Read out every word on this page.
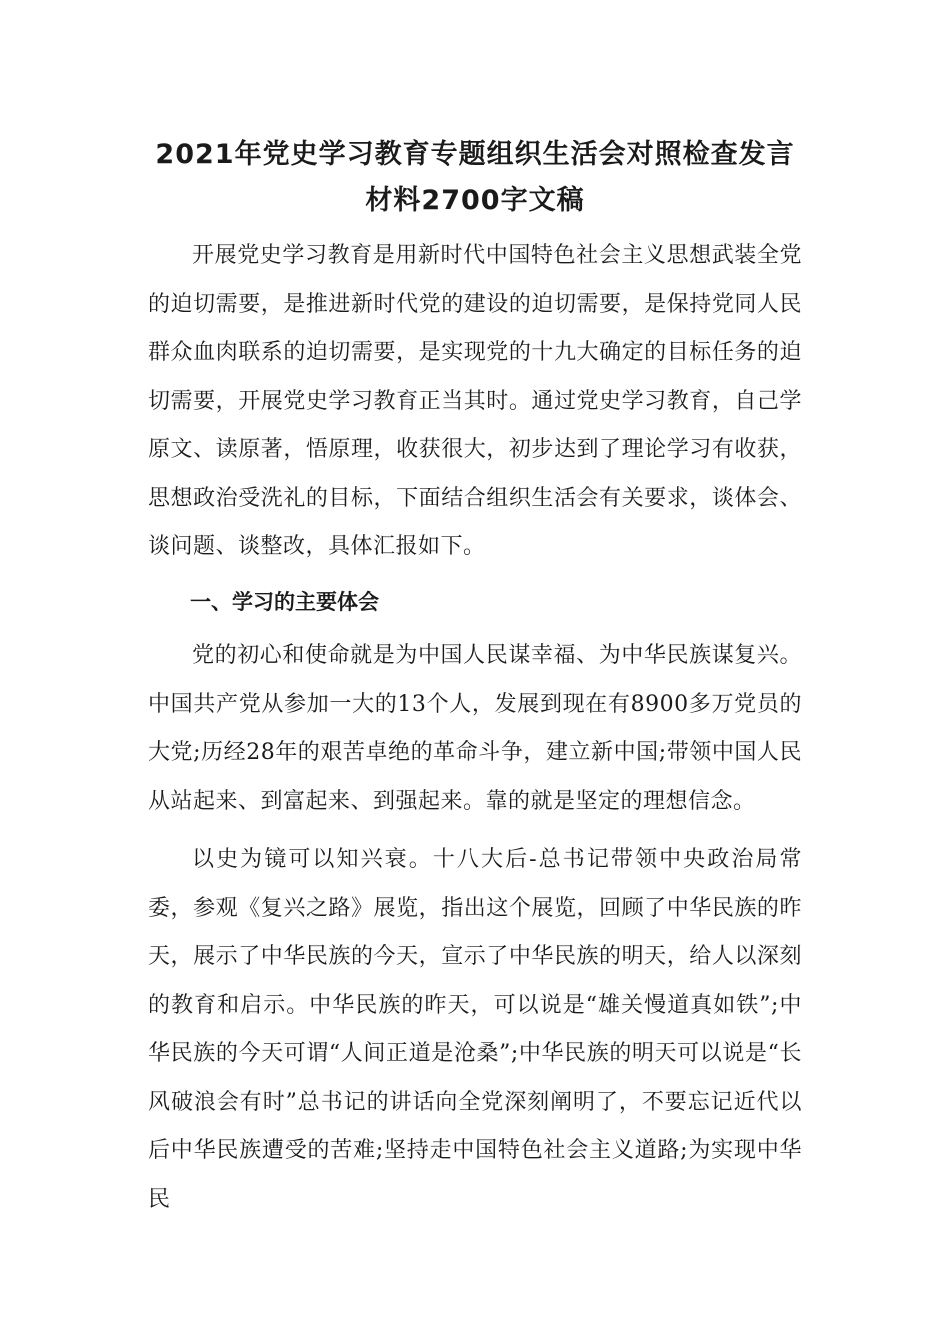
2021年党史学习教育专题组织生活会对照检查发言
材料2700字文稿

开展党史学习教育是用新时代中国特色社会主义思想武装全党的迫切需要，是推进新时代党的建设的迫切需要，是保持党同人民群众血肉联系的迫切需要，是实现党的十九大确定的目标任务的迫切需要，开展党史学习教育正当其时。通过党史学习教育，自己学原文、读原著，悟原理，收获很大，初步达到了理论学习有收获，思想政治受洗礼的目标，下面结合组织生活会有关要求，谈体会、谈问题、谈整改，具体汇报如下。

一、学习的主要体会

党的初心和使命就是为中国人民谋幸福、为中华民族谋复兴。中国共产党从参加一大的13个人，发展到现在有8900多万党员的大党;历经28年的艰苦卓绝的革命斗争，建立新中国;带领中国人民从站起来、到富起来、到强起来。靠的就是坚定的理想信念。

以史为镜可以知兴衰。十八大后-总书记带领中央政治局常委，参观《复兴之路》展览，指出这个展览，回顾了中华民族的昨天，展示了中华民族的今天，宣示了中华民族的明天，给人以深刻的教育和启示。中华民族的昨天，可以说是“雄关慢道真如铁”;中华民族的今天可谓“人间正道是沧桑”;中华民族的明天可以说是“长风破浪会有时”总书记的讲话向全党深刻阐明了，不要忘记近代以后中华民族遭受的苦难;坚持走中国特色社会主义道路;为实现中华民
